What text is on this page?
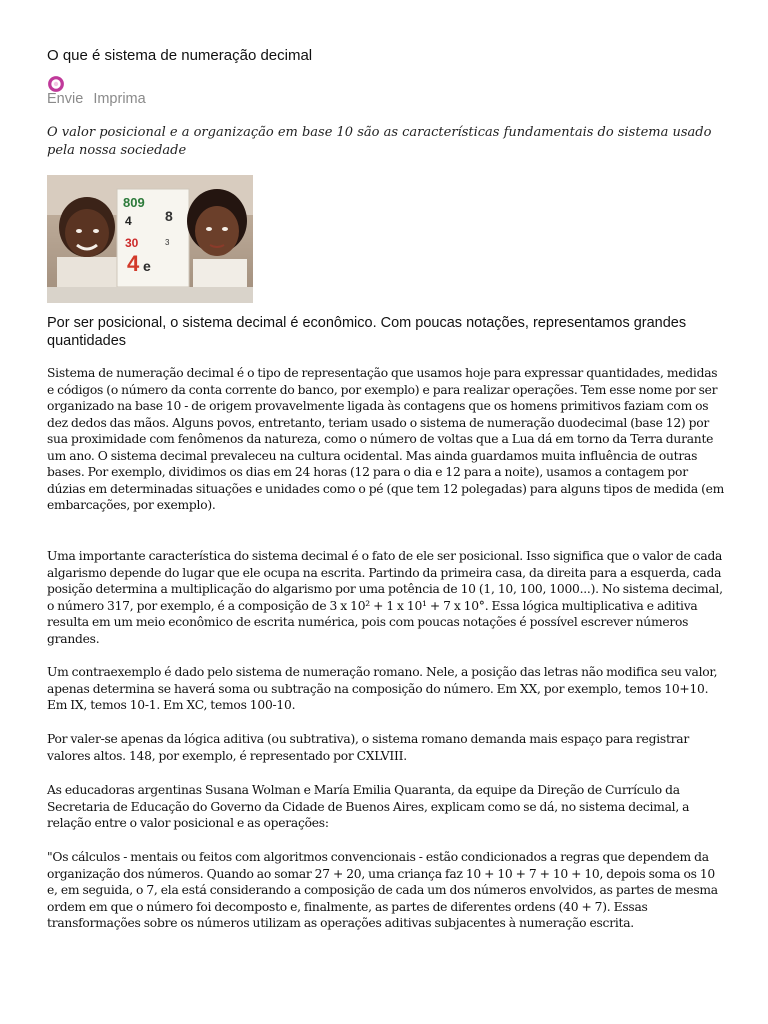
O que é sistema de numeração decimal
Envie Imprima
O valor posicional e a organização em base 10 são as características fundamentais do sistema usado pela nossa sociedade
809
4 8
30	3
4 e
Por ser posicional, o sistema decimal é econômico. Com poucas notações, representamos grandes quantidades

Sistema de numeração decimal é o tipo de representação que usamos hoje para expressar quantidades, medidas e códigos (o número da conta corrente do banco, por exemplo) e para realizar operações. Tem esse nome por ser organizado na base 10 - de origem provavelmente ligada às contagens que os homens primitivos faziam com os dez dedos das mãos. Alguns povos, entretanto, teriam usado o sistema de numeração duodecimal (base 12) por sua proximidade com fenômenos da natureza, como o número de voltas que a Lua dá em torno da Terra durante um ano. O sistema decimal prevaleceu na cultura ocidental. Mas ainda guardamos muita influência de outras bases. Por exemplo, dividimos os dias em 24 horas (12 para o dia e 12 para a noite), usamos a contagem por dúzias em determinadas situações e unidades como o pé (que tem 12 polegadas) para alguns tipos de medida (em embarcações, por exemplo).

Uma importante característica do sistema decimal é o fato de ele ser posicional. Isso significa que o valor de cada algarismo depende do lugar que ele ocupa na escrita. Partindo da primeira casa, da direita para a esquerda, cada posição determina a multiplicação do algarismo por uma potência de 10 (1, 10, 100, 1000...). No sistema decimal, o número 317, por exemplo, é a composição de 3 x 10² + 1 x 10¹ + 7 x 10°. Essa lógica multiplicativa e aditiva resulta em um meio econômico de escrita numérica, pois com poucas notações é possível escrever números grandes.

Um contraexemplo é dado pelo sistema de numeração romano. Nele, a posição das letras não modifica seu valor, apenas determina se haverá soma ou subtração na composição do número. Em XX, por exemplo, temos 10+10. Em IX, temos 10-1. Em XC, temos 100-10.

Por valer-se apenas da lógica aditiva (ou subtrativa), o sistema romano demanda mais espaço para registrar valores altos. 148, por exemplo, é representado por CXLVIII.

As educadoras argentinas Susana Wolman e María Emilia Quaranta, da equipe da Direção de Currículo da Secretaria de Educação do Governo da Cidade de Buenos Aires, explicam como se dá, no sistema decimal, a relação entre o valor posicional e as operações:

"Os cálculos - mentais ou feitos com algoritmos convencionais - estão condicionados a regras que dependem da organização dos números. Quando ao somar 27 + 20, uma criança faz 10 + 10 + 7 + 10 + 10, depois soma os 10 e, em seguida, o 7, ela está considerando a composição de cada um dos números envolvidos, as partes de mesma ordem em que o número foi decomposto e, finalmente, as partes de diferentes ordens (40 + 7). Essas transformações sobre os números utilizam as operações aditivas subjacentes à numeração escrita.
